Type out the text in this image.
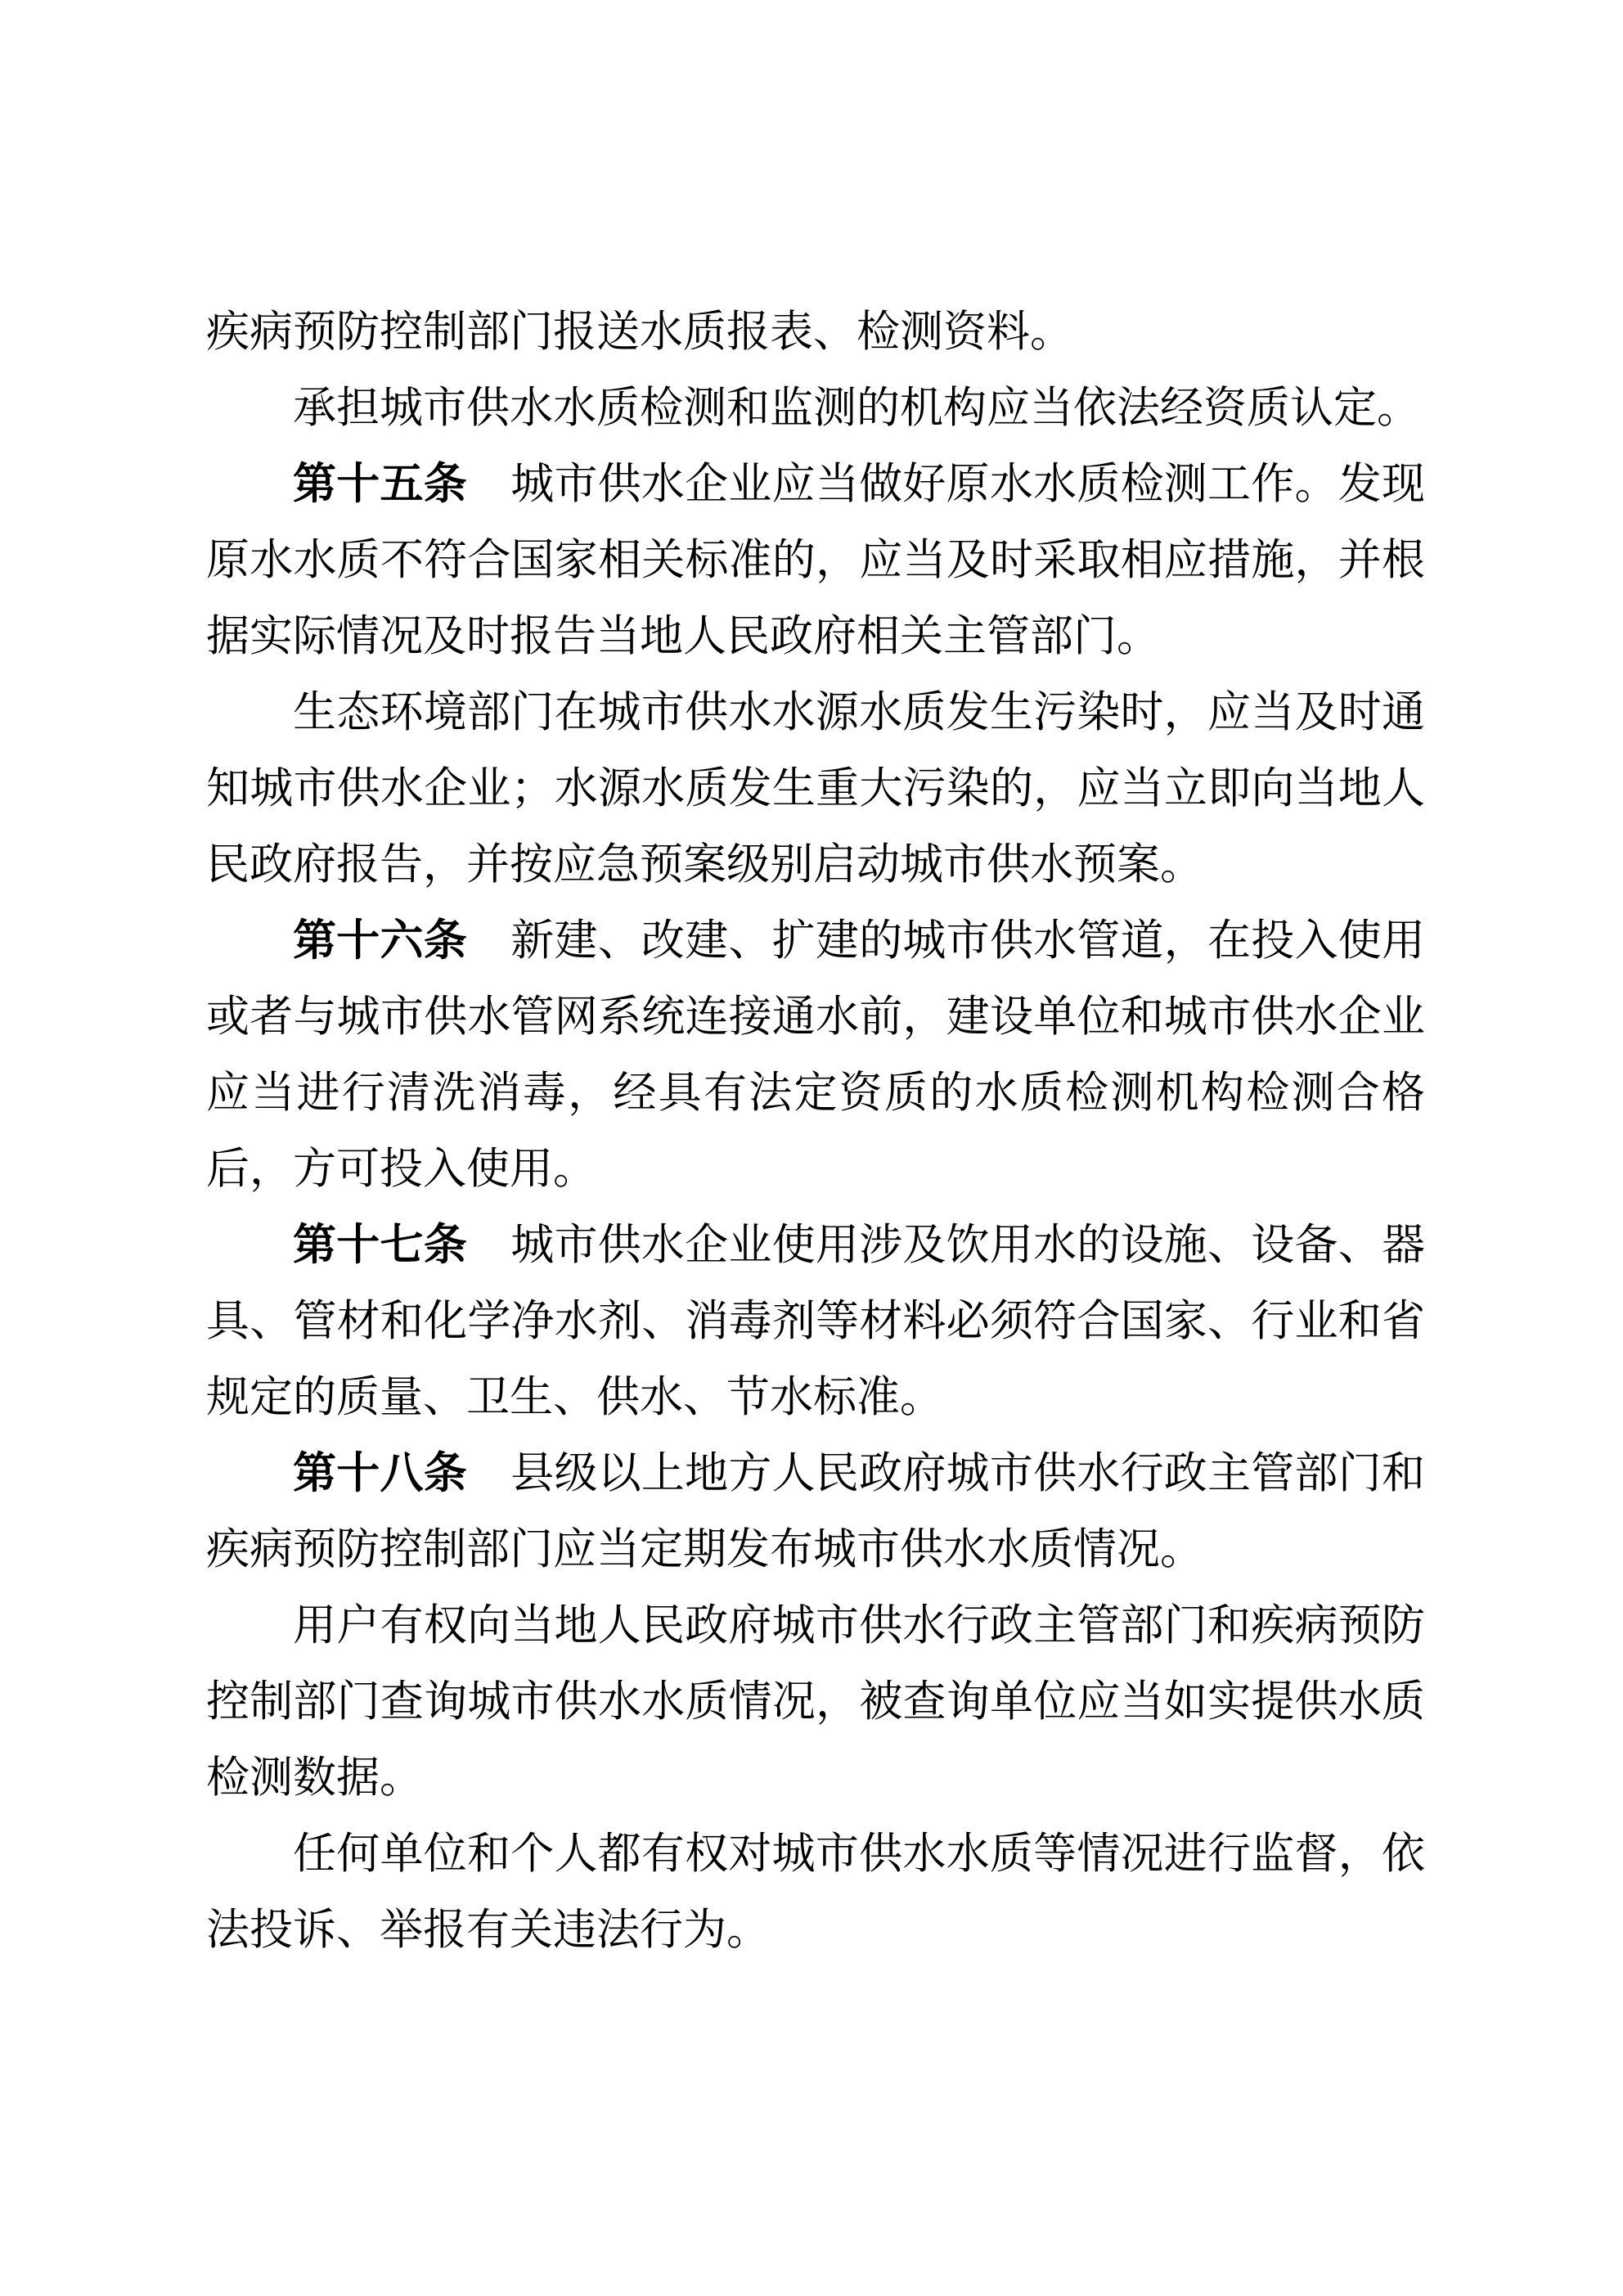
疾病预防控制部门报送水质报表、检测资料。

承担城市供水水质检测和监测的机构应当依法经资质认定。

第十五条　城市供水企业应当做好原水水质检测工作。发现原水水质不符合国家相关标准的，应当及时采取相应措施，并根据实际情况及时报告当地人民政府相关主管部门。

生态环境部门在城市供水水源水质发生污染时，应当及时通知城市供水企业；水源水质发生重大污染的，应当立即向当地人民政府报告，并按应急预案级别启动城市供水预案。

第十六条　新建、改建、扩建的城市供水管道，在投入使用或者与城市供水管网系统连接通水前，建设单位和城市供水企业应当进行清洗消毒，经具有法定资质的水质检测机构检测合格后，方可投入使用。

第十七条　城市供水企业使用涉及饮用水的设施、设备、器具、管材和化学净水剂、消毒剂等材料必须符合国家、行业和省规定的质量、卫生、供水、节水标准。

第十八条　县级以上地方人民政府城市供水行政主管部门和疾病预防控制部门应当定期发布城市供水水质情况。

用户有权向当地人民政府城市供水行政主管部门和疾病预防控制部门查询城市供水水质情况，被查询单位应当如实提供水质检测数据。

任何单位和个人都有权对城市供水水质等情况进行监督，依法投诉、举报有关违法行为。
